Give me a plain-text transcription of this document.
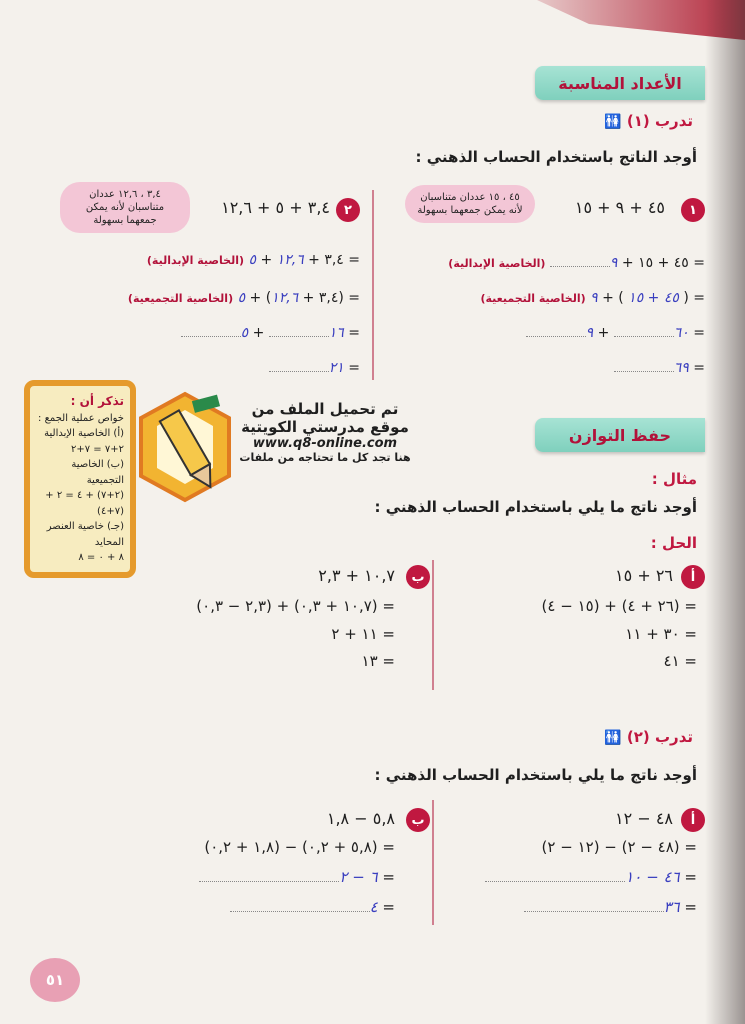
الأعداد المناسبة
تدرب (١) 🚻
أوجد الناتج باستخدام الحساب الذهني :
١
٤٥ + ٩ + ١٥
٤٥ ، ١٥ عددان متناسبان لأنه يمكن جمعهما بسهولة
= ٤٥ + ١٥ + ٩ (الخاصية الإبدالية)
= ( ٤٥ + ١٥ ) + ٩ (الخاصية التجميعية)
= ٦٠ + ٩
= ٦٩
٢
٣,٤ + ٥ + ١٢,٦
٣,٤ ، ١٢,٦ عددان متناسبان لأنه يمكن جمعهما بسهولة
= ٣,٤ + ١٢,٦ + ٥ (الخاصية الإبدالية)
= (٣,٤ + ١٢,٦) + ٥ (الخاصية التجميعية)
= ١٦ + ٥
= ٢١
تذكر أن :
خواص عملية الجمع :
(أ) الخاصية الإبدالية
٢+٧ = ٧+٢
(ب) الخاصية التجميعية
(٢+٧) + ٤ = ٢ + (٧+٤)
(جـ) خاصية العنصر المحايد
٨ + ٠ = ٨
تم تحميل الملف من
موقع مدرستي الكويتية
www.q8-online.com
هنا تجد كل ما تحتاجه من ملفات
حفظ التوازن
مثال :
أوجد ناتج ما يلي باستخدام الحساب الذهني :
الحل :
أ
٢٦ + ١٥
= (٢٦ + ٤) + (١٥ − ٤)
= ٣٠ + ١١
= ٤١
ب
١٠,٧ + ٢,٣
= (١٠,٧ + ٠,٣) + (٢,٣ − ٠,٣)
= ١١ + ٢
= ١٣
تدرب (٢) 🚻
أوجد ناتج ما يلي باستخدام الحساب الذهني :
أ
٤٨ − ١٢
= (٤٨ − ٢) − (١٢ − ٢)
= ٤٦ − ١٠
= ٣٦
ب
٥,٨ − ١,٨
= (٥,٨ + ٠,٢) − (١,٨ + ٠,٢)
= ٦ − ٢
= ٤
٥١
